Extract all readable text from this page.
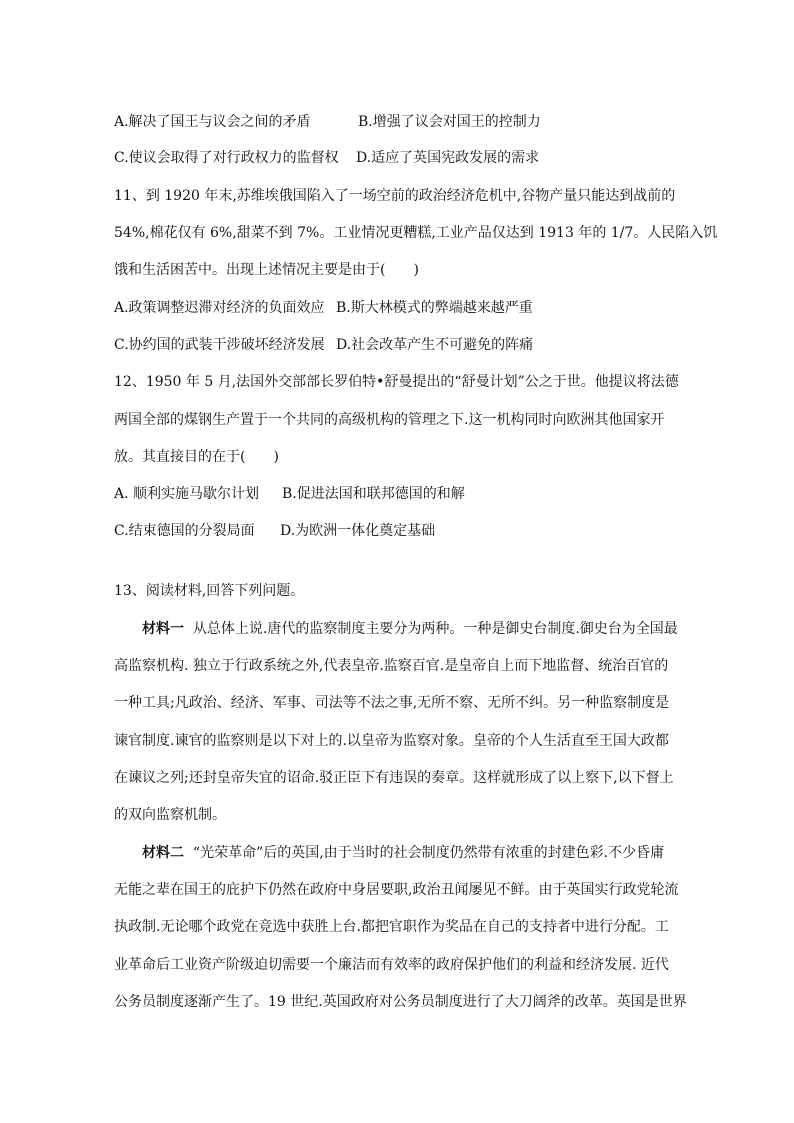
A.解决了国王与议会之间的矛盾	B.增强了议会对国王的控制力

C.使议会取得了对行政权力的监督权 D.适应了英国宪政发展的需求

11、到 1920 年末,苏维埃俄国陷入了一场空前的政治经济危机中,谷物产量只能达到战前的

54%,棉花仅有 6%,甜菜不到 7%。工业情况更糟糕,工业产品仅达到 1913 年的 1/7。人民陷入饥

饿和生活困苦中。出现上述情况主要是由于(　　)

A.政策调整迟滞对经济的负面效应 B.斯大林模式的弊端越来越严重

C.协约国的武装干涉破坏经济发展 D.社会改革产生不可避免的阵痛

12、1950 年 5 月,法国外交部部长罗伯特•舒曼提出的“舒曼计划”公之于世。他提议将法德

两国全部的煤钢生产置于一个共同的高级机构的管理之下.这一机构同时向欧洲其他国家开

放。其直接目的在于(　　)

A. 顺利实施马歇尔计划 B.促进法国和联邦德国的和解

C.结束德国的分裂局面 D.为欧洲一体化奠定基础

13、阅读材料,回答下列问题。

材料一 从总体上说.唐代的监察制度主要分为两种。一种是御史台制度.御史台为全国最

高监察机构. 独立于行政系统之外,代表皇帝.监察百官.是皇帝自上而下地监督、统治百官的

一种工具;凡政治、经济、军事、司法等不法之事,无所不察、无所不纠。另一种监察制度是

谏官制度.谏官的监察则是以下对上的.以皇帝为监察对象。皇帝的个人生活直至王国大政都

在谏议之列;还封皇帝失宜的诏命.驳正臣下有违误的奏章。这样就形成了以上察下,以下督上

的双向监察机制。

材料二 “光荣革命”后的英国,由于当时的社会制度仍然带有浓重的封建色彩.不少昏庸

无能之辈在国王的庇护下仍然在政府中身居要职,政治丑闻屡见不鲜。由于英国实行政党轮流

执政制.无论哪个政党在竞选中获胜上台.都把官职作为奖品在自己的支持者中进行分配。工

业革命后工业资产阶级迫切需要一个廉洁而有效率的政府保护他们的利益和经济发展. 近代

公务员制度逐渐产生了。19 世纪.英国政府对公务员制度进行了大刀阔斧的改革。英国是世界
